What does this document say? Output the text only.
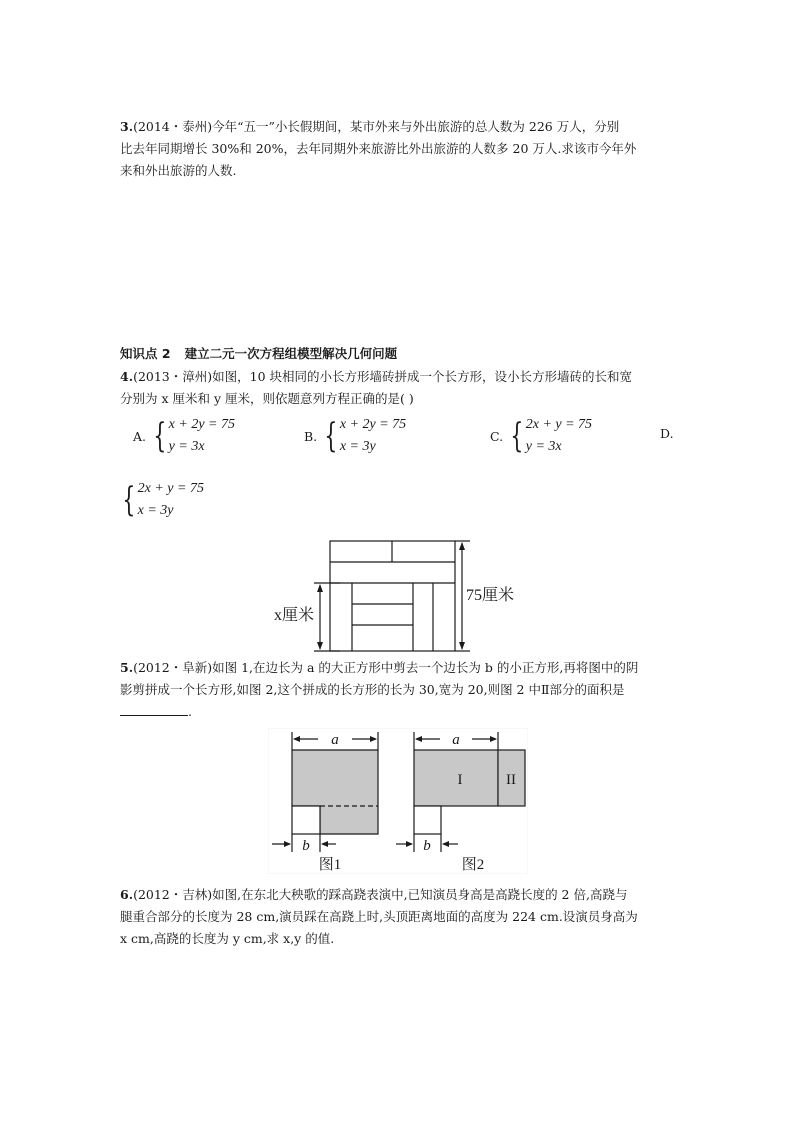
3.(2014・泰州)今年“五一”小长假期间，某市外来与外出旅游的总人数为 226 万人，分别
比去年同期增长 30%和 20%，去年同期外来旅游比外出旅游的人数多 20 万人.求该市今年外
来和外出旅游的人数.
知识点 2 建立二元一次方程组模型解决几何问题
4.(2013・漳州)如图，10 块相同的小长方形墙砖拼成一个长方形，设小长方形墙砖的长和宽
分别为 x 厘米和 y 厘米，则依题意列方程正确的是( )
A. { x + 2y = 75
y = 3x
B. { x + 2y = 75
x = 3y
C. { 2x + y = 75
y = 3x
D.
{ 2x + y = 75
x = 3y
x厘米
75厘米
5.(2012・阜新)如图 1,在边长为 a 的大正方形中剪去一个边长为 b 的小正方形,再将图中的阴
影剪拼成一个长方形,如图 2,这个拼成的长方形的长为 30,宽为 20,则图 2 中Ⅱ部分的面积是
.
a
b
a
b
I	II
图1	图2
6.(2012・吉林)如图,在东北大秧歌的踩高跷表演中,已知演员身高是高跷长度的 2 倍,高跷与
腿重合部分的长度为 28 cm,演员踩在高跷上时,头顶距离地面的高度为 224 cm.设演员身高为
x cm,高跷的长度为 y cm,求 x,y 的值.
